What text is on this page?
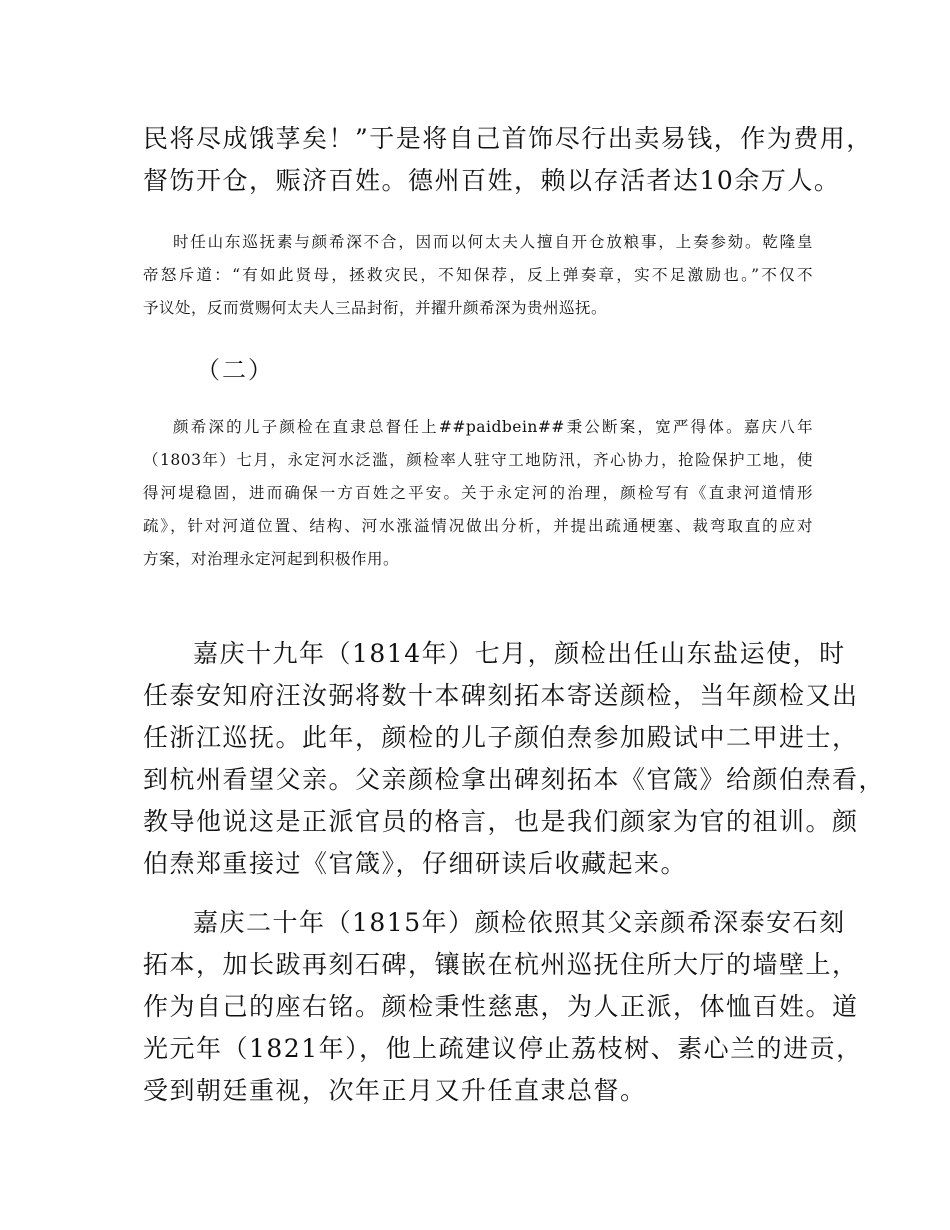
民将尽成饿莩矣！”于是将自己首饰尽行出卖易钱，作为费用，
督饬开仓，赈济百姓。德州百姓，赖以存活者达10余万人。
时任山东巡抚素与颜希深不合，因而以何太夫人擅自开仓放粮事，上奏参劾。乾隆皇
帝怒斥道：“有如此贤母，拯救灾民，不知保荐，反上弹奏章，实不足激励也。”不仅不
予议处，反而赏赐何太夫人三品封衔，并擢升颜希深为贵州巡抚。
（二）
颜希深的儿子颜检在直隶总督任上##paidbein##秉公断案，宽严得体。嘉庆八年
（1803年）七月，永定河水泛滥，颜检率人驻守工地防汛，齐心协力，抢险保护工地，使
得河堤稳固，进而确保一方百姓之平安。关于永定河的治理，颜检写有《直隶河道情形
疏》，针对河道位置、结构、河水涨溢情况做出分析，并提出疏通梗塞、裁弯取直的应对
方案，对治理永定河起到积极作用。
嘉庆十九年（1814年）七月，颜检出任山东盐运使，时
任泰安知府汪汝弼将数十本碑刻拓本寄送颜检，当年颜检又出
任浙江巡抚。此年，颜检的儿子颜伯焘参加殿试中二甲进士，
到杭州看望父亲。父亲颜检拿出碑刻拓本《官箴》给颜伯焘看，
教导他说这是正派官员的格言，也是我们颜家为官的祖训。颜
伯焘郑重接过《官箴》，仔细研读后收藏起来。
嘉庆二十年（1815年）颜检依照其父亲颜希深泰安石刻
拓本，加长跋再刻石碑，镶嵌在杭州巡抚住所大厅的墙壁上，
作为自己的座右铭。颜检秉性慈惠，为人正派，体恤百姓。道
光元年（1821年），他上疏建议停止荔枝树、素心兰的进贡，
受到朝廷重视，次年正月又升任直隶总督。
